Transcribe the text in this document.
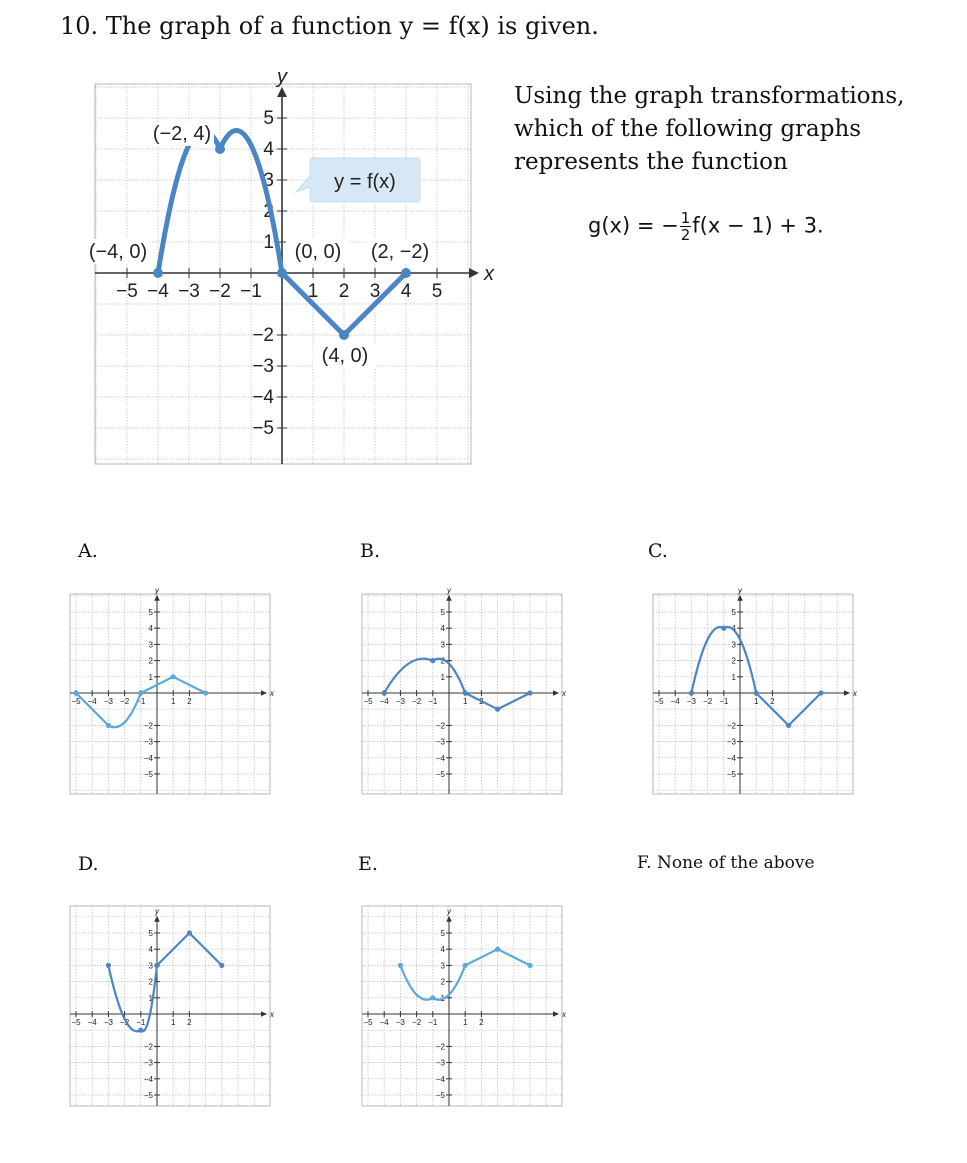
10. The graph of a function y = f(x) is given.
Using the graph transformations,
which of the following graphs
represents the function
g(x) = − $\frac{1}{2} f(x - 1) + 3$.
A.	B.	C.
D.	E.	F. None of the above
x
y
−5 −4 −3 −2 −1 1 2 3 4 5
5
4
3
2
1
−2
−3
−4
−5
(−4, 0)
(−2, 4)
(0, 0) (2, −2)
(4, 0)
y = f(x)
x
y
−5 −4 −3 −2 −1	1 2
5
4
3
2
1
−2
−3
−4
−5
x
y
−5 −4 −3 −2 −1	1 2
5
4
3
2
1
−2
−3
−4
−5
x
y
−5 −4 −3 −2 −1	1 2
5
4
3
2
1
−2
−3
−4
−5
x
y
−5 −4 −3 −2 −1	1 2
5
4
3
2
1
−2
−3
−4
−5
x
y
−5 −4 −3 −2 −1	1 2
5
4
3
2
1
−2
−3
−4
−5
